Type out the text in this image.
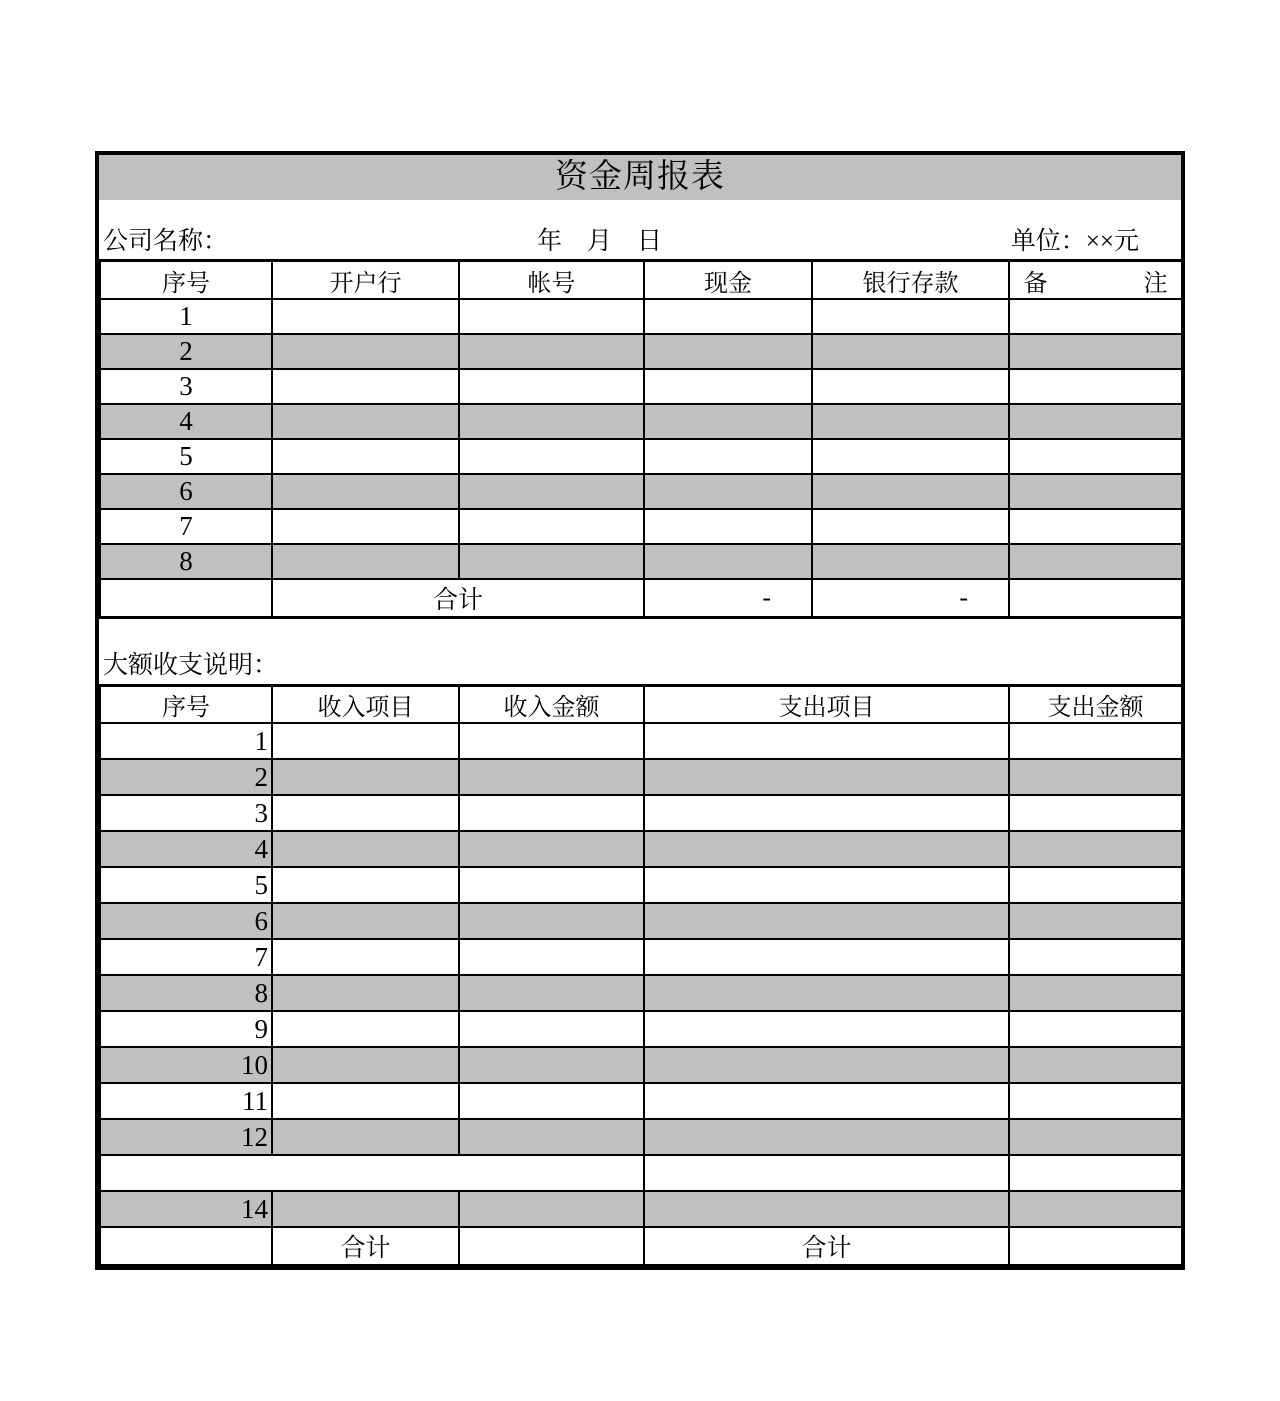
资金周报表
公司名称：	年　月　日	单位：××元
序号	开户行	帐号	现金	银行存款	备　　　　注
1					
2					
3					
4					
5					
6					
7					
8					
	合计		-	-	
大额收支说明：
序号	收入项目	收入金额	支出项目	支出金额
1				
2				
3				
4				
5				
6				
7				
8				
9				
10				
11				
12				

14				
	合计		合计	
